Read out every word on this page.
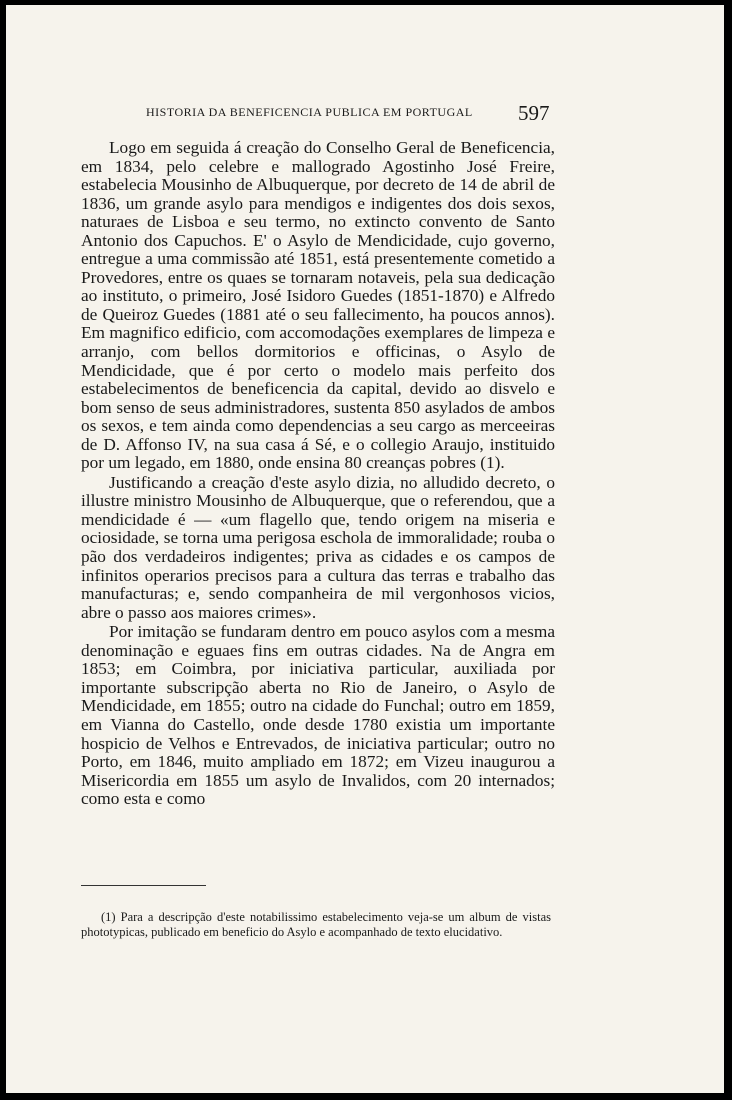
HISTORIA DA BENEFICENCIA PUBLICA EM PORTUGAL 597

Logo em seguida á creação do Conselho Geral de Beneficencia, em 1834, pelo celebre e mallogrado Agostinho José Freire, estabelecia Mousinho de Albuquerque, por decreto de 14 de abril de 1836, um grande asylo para mendigos e indigentes dos dois sexos, naturaes de Lisboa e seu termo, no extincto convento de Santo Antonio dos Capuchos. E' o Asylo de Mendicidade, cujo governo, entregue a uma commissão até 1851, está presentemente cometido a Provedores, entre os quaes se tornaram notaveis, pela sua dedicação ao instituto, o primeiro, José Isidoro Guedes (1851-1870) e Alfredo de Queiroz Guedes (1881 até o seu fallecimento, ha poucos annos). Em magnifico edificio, com accomodações exemplares de limpeza e arranjo, com bellos dormitorios e officinas, o Asylo de Mendicidade, que é por certo o modelo mais perfeito dos estabelecimentos de beneficencia da capital, devido ao disvelo e bom senso de seus administradores, sustenta 850 asylados de ambos os sexos, e tem ainda como dependencias a seu cargo as merceeiras de D. Affonso IV, na sua casa á Sé, e o collegio Araujo, instituido por um legado, em 1880, onde ensina 80 creanças pobres (1).

Justificando a creação d'este asylo dizia, no alludido decreto, o illustre ministro Mousinho de Albuquerque, que o referendou, que a mendicidade é — «um flagello que, tendo origem na miseria e ociosidade, se torna uma perigosa eschola de immoralidade; rouba o pão dos verdadeiros indigentes; priva as cidades e os campos de infinitos operarios precisos para a cultura das terras e trabalho das manufacturas; e, sendo companheira de mil vergonhosos vicios, abre o passo aos maiores crimes».

Por imitação se fundaram dentro em pouco asylos com a mesma denominação e eguaes fins em outras cidades. Na de Angra em 1853; em Coimbra, por iniciativa particular, auxiliada por importante subscripção aberta no Rio de Janeiro, o Asylo de Mendicidade, em 1855; outro na cidade do Funchal; outro em 1859, em Vianna do Castello, onde desde 1780 existia um importante hospicio de Velhos e Entrevados, de iniciativa particular; outro no Porto, em 1846, muito ampliado em 1872; em Vizeu inaugurou a Misericordia em 1855 um asylo de Invalidos, com 20 internados; como esta e como

(1) Para a descripção d'este notabilissimo estabelecimento veja-se um album de vistas phototypicas, publicado em beneficio do Asylo e acompanhado de texto elucidativo.
